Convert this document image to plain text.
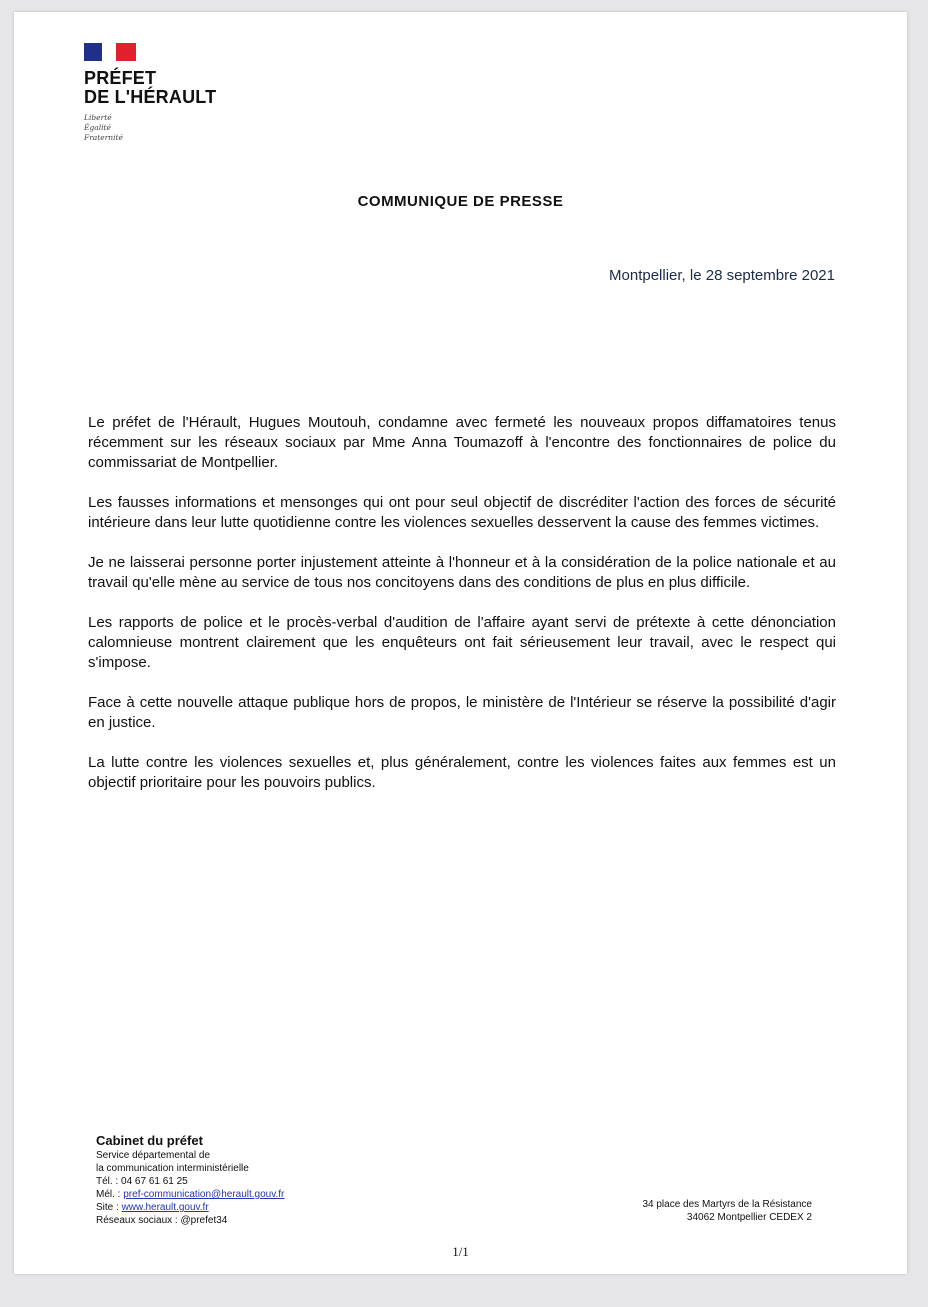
PRÉFET
DE L'HÉRAULT
Liberté
Égalité
Fraternité
COMMUNIQUE DE PRESSE
Montpellier, le 28 septembre 2021

Le préfet de l'Hérault, Hugues Moutouh, condamne avec fermeté les nouveaux propos diffamatoires tenus récemment sur les réseaux sociaux par Mme Anna Toumazoff à l'encontre des fonctionnaires de police du commissariat de Montpellier.

Les fausses informations et mensonges qui ont pour seul objectif de discréditer l'action des forces de sécurité intérieure dans leur lutte quotidienne contre les violences sexuelles desservent la cause des femmes victimes.

Je ne laisserai personne porter injustement atteinte à l'honneur et à la considération de la police nationale et au travail qu'elle mène au service de tous nos concitoyens dans des conditions de plus en plus difficile.

Les rapports de police et le procès-verbal d'audition de l'affaire ayant servi de prétexte à cette dénonciation calomnieuse montrent clairement que les enquêteurs ont fait sérieusement leur travail, avec le respect qui s'impose.

Face à cette nouvelle attaque publique hors de propos, le ministère de l'Intérieur se réserve la possibilité d'agir en justice.

La lutte contre les violences sexuelles et, plus généralement, contre les violences faites aux femmes est un objectif prioritaire pour les pouvoirs publics.

Cabinet du préfet
Service départemental de
la communication interministérielle
Tél. : 04 67 61 61 25
Mél. : pref-communication@herault.gouv.fr
Site : www.herault.gouv.fr
Réseaux sociaux : @prefet34
34 place des Martyrs de la Résistance
34062 Montpellier CEDEX 2
1/1
